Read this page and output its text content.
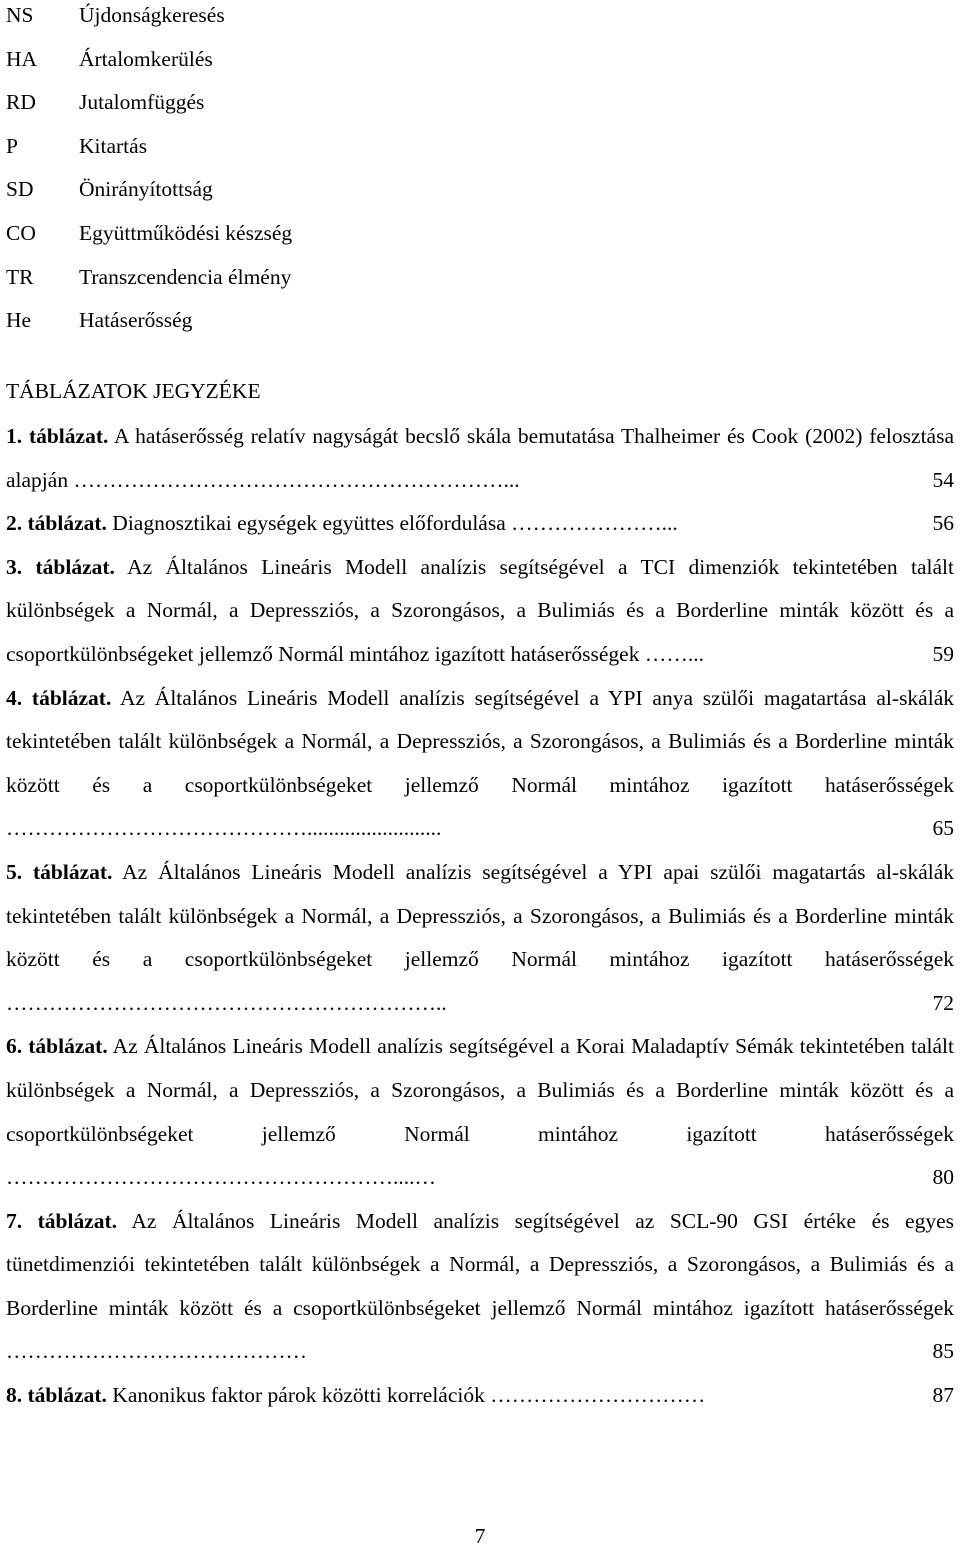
NS	Újdonságkeresés
HA	Ártalomkerülés
RD	Jutalomfüggés
P	Kitartás
SD	Önirányítottság
CO	Együttműködési készség
TR	Transzcendencia élmény
He	Hatáserősség
TÁBLÁZATOK JEGYZÉKE
1. táblázat. A hatáserősség relatív nagyságát becslő skála bemutatása Thalheimer és Cook (2002) felosztása alapján ……………………………………………………...	54
2. táblázat. Diagnosztikai egységek együttes előfordulása …………………...	56
3. táblázat. Az Általános Lineáris Modell analízis segítségével a TCI dimenziók tekintetében talált különbségek a Normál, a Depressziós, a Szorongásos, a Bulimiás és a Borderline minták között és a csoportkülönbségeket jellemző Normál mintához igazított hatáserősségek ……...	59
4. táblázat. Az Általános Lineáris Modell analízis segítségével a YPI anya szülői magatartása al-skálák tekintetében talált különbségek a Normál, a Depressziós, a Szorongásos, a Bulimiás és a Borderline minták között és a csoportkülönbségeket jellemző Normál mintához igazított hatáserősségek …………………………………….........................	65
5. táblázat. Az Általános Lineáris Modell analízis segítségével a YPI apai szülői magatartás al-skálák tekintetében talált különbségek a Normál, a Depressziós, a Szorongásos, a Bulimiás és a Borderline minták között és a csoportkülönbségeket jellemző Normál mintához igazított hatáserősségek ……………………………………………………..	72
6. táblázat. Az Általános Lineáris Modell analízis segítségével a Korai Maladaptív Sémák tekintetében talált különbségek a Normál, a Depressziós, a Szorongásos, a Bulimiás és a Borderline minták között és a csoportkülönbségeket jellemző Normál mintához igazított hatáserősségek ………………………………………………....…	80
7. táblázat. Az Általános Lineáris Modell analízis segítségével az SCL-90 GSI értéke és egyes tünetdimenziói tekintetében talált különbségek a Normál, a Depressziós, a Szorongásos, a Bulimiás és a Borderline minták között és a csoportkülönbségeket jellemző Normál mintához igazított hatáserősségek ……………………………………	85
8. táblázat. Kanonikus faktor párok közötti korrelációk …………………………	87
7
